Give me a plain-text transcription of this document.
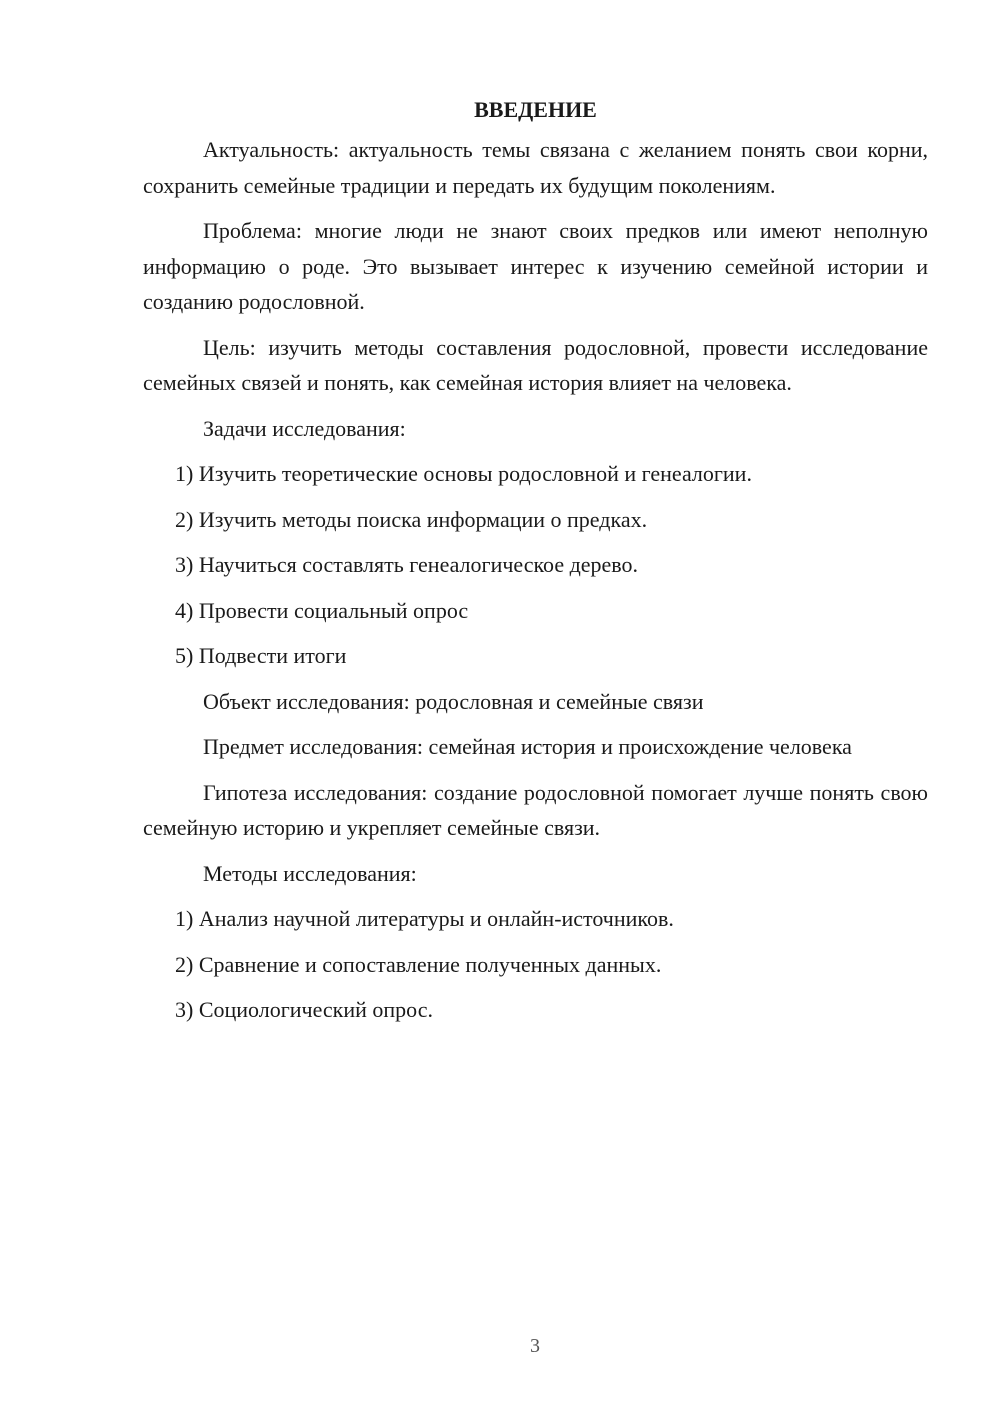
ВВЕДЕНИЕ

Актуальность: актуальность темы связана с желанием понять свои корни, сохранить семейные традиции и передать их будущим поколениям.

Проблема: многие люди не знают своих предков или имеют неполную информацию о роде. Это вызывает интерес к изучению семейной истории и созданию родословной.

Цель: изучить методы составления родословной, провести исследование семейных связей и понять, как семейная история влияет на человека.

Задачи исследования:

1) Изучить теоретические основы родословной и генеалогии.
2) Изучить методы поиска информации о предках.
3) Научиться составлять генеалогическое дерево.
4) Провести социальный опрос
5) Подвести итоги

Объект исследования: родословная и семейные связи

Предмет исследования: семейная история и происхождение человека

Гипотеза исследования: создание родословной помогает лучше понять свою семейную историю и укрепляет семейные связи.

Методы исследования:

1) Анализ научной литературы и онлайн-источников.
2) Сравнение и сопоставление полученных данных.
3) Социологический опрос.
3
